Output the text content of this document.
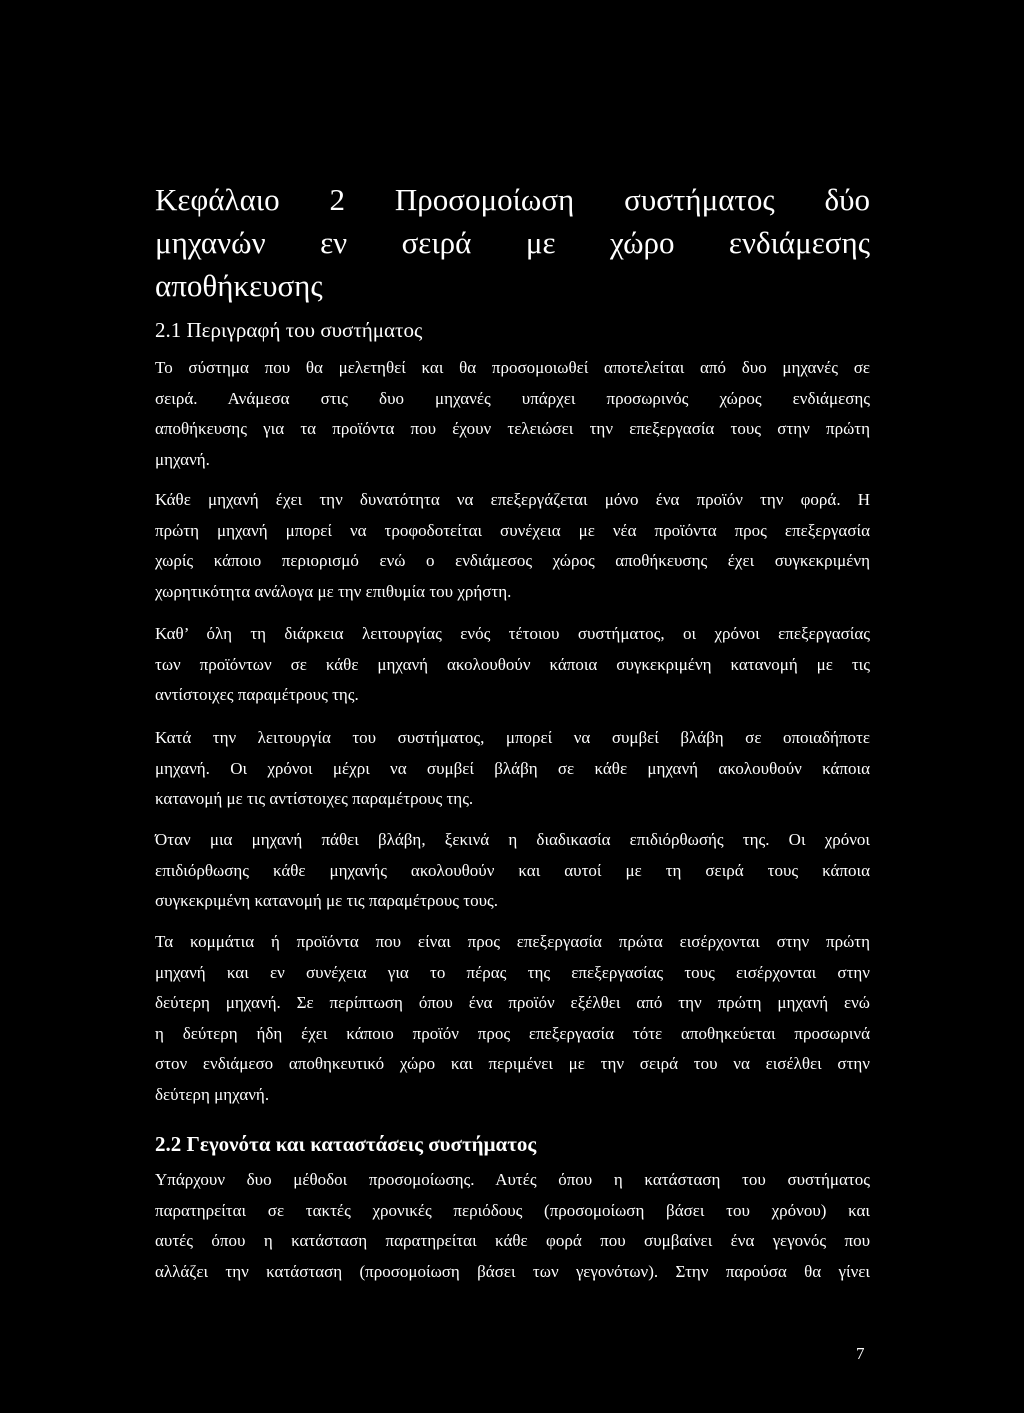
Κεφάλαιο 2 Προσομοίωση συστήματος δύο
μηχανών εν σειρά με χώρο ενδιάμεσης
αποθήκευσης
2.1 Περιγραφή του συστήματος

Το σύστημα που θα μελετηθεί και θα προσομοιωθεί αποτελείται από δυο μηχανές σε
σειρά. Ανάμεσα στις δυο μηχανές υπάρχει προσωρινός χώρος ενδιάμεσης
αποθήκευσης για τα προϊόντα που έχουν τελειώσει την επεξεργασία τους στην πρώτη
μηχανή.

Κάθε μηχανή έχει την δυνατότητα να επεξεργάζεται μόνο ένα προϊόν την φορά. Η
πρώτη μηχανή μπορεί να τροφοδοτείται συνέχεια με νέα προϊόντα προς επεξεργασία
χωρίς κάποιο περιορισμό ενώ ο ενδιάμεσος χώρος αποθήκευσης έχει συγκεκριμένη
χωρητικότητα ανάλογα με την επιθυμία του χρήστη.

Καθ’ όλη τη διάρκεια λειτουργίας ενός τέτοιου συστήματος, οι χρόνοι επεξεργασίας
των προϊόντων σε κάθε μηχανή ακολουθούν κάποια συγκεκριμένη κατανομή με τις
αντίστοιχες παραμέτρους της.

Κατά την λειτουργία του συστήματος, μπορεί να συμβεί βλάβη σε οποιαδήποτε
μηχανή. Οι χρόνοι μέχρι να συμβεί βλάβη σε κάθε μηχανή ακολουθούν κάποια
κατανομή με τις αντίστοιχες παραμέτρους της.

Όταν μια μηχανή πάθει βλάβη, ξεκινά η διαδικασία επιδιόρθωσής της. Οι χρόνοι
επιδιόρθωσης κάθε μηχανής ακολουθούν και αυτοί με τη σειρά τους κάποια
συγκεκριμένη κατανομή με τις παραμέτρους τους.

Τα κομμάτια ή προϊόντα που είναι προς επεξεργασία πρώτα εισέρχονται στην πρώτη
μηχανή και εν συνέχεια για το πέρας της επεξεργασίας τους εισέρχονται στην
δεύτερη μηχανή. Σε περίπτωση όπου ένα προϊόν εξέλθει από την πρώτη μηχανή ενώ
η δεύτερη ήδη έχει κάποιο προϊόν προς επεξεργασία τότε αποθηκεύεται προσωρινά
στον ενδιάμεσο αποθηκευτικό χώρο και περιμένει με την σειρά του να εισέλθει στην
δεύτερη μηχανή.

2.2 Γεγονότα και καταστάσεις συστήματος

Υπάρχουν δυο μέθοδοι προσομοίωσης. Αυτές όπου η κατάσταση του συστήματος
παρατηρείται σε τακτές χρονικές περιόδους (προσομοίωση βάσει του χρόνου) και
αυτές όπου η κατάσταση παρατηρείται κάθε φορά που συμβαίνει ένα γεγονός που
αλλάζει την κατάσταση (προσομοίωση βάσει των γεγονότων). Στην παρούσα θα γίνει

7
